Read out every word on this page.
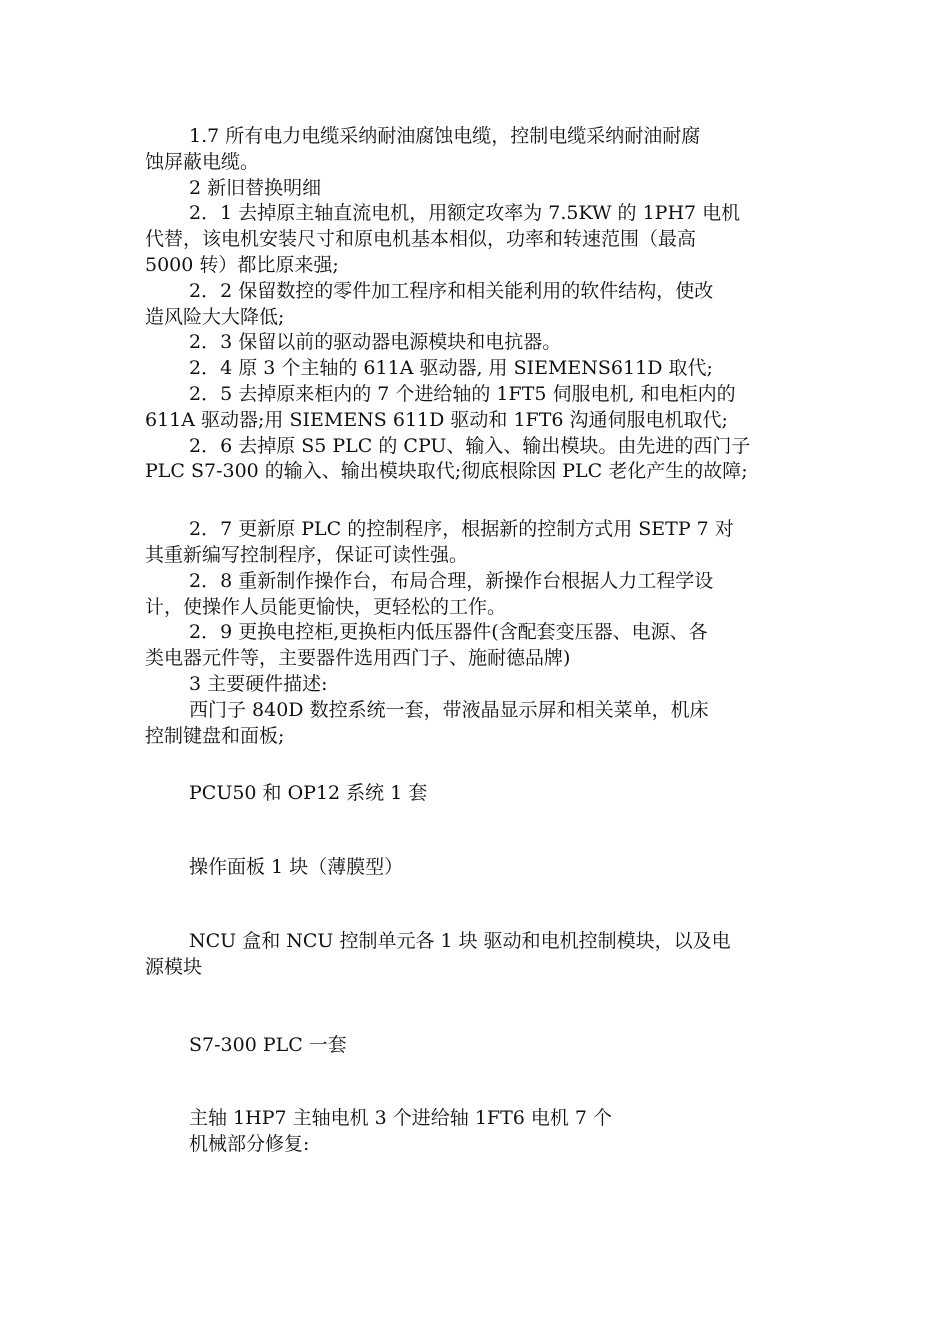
1.7 所有电力电缆采纳耐油腐蚀电缆，控制电缆采纳耐油耐腐
蚀屏蔽电缆。
2 新旧替换明细
2．1 去掉原主轴直流电机，用额定攻率为 7.5KW 的 1PH7 电机
代替，该电机安装尺寸和原电机基本相似，功率和转速范围（最高
5000 转）都比原来强;
2．2 保留数控的零件加工程序和相关能利用的软件结构，使改
造风险大大降低;
2．3 保留以前的驱动器电源模块和电抗器。
2．4 原 3 个主轴的 611A 驱动器, 用 SIEMENS611D 取代;
2．5 去掉原来柜内的 7 个进给轴的 1FT5 伺服电机, 和电柜内的
611A 驱动器;用 SIEMENS 611D 驱动和 1FT6 沟通伺服电机取代;
2．6 去掉原 S5 PLC 的 CPU、输入、输出模块。由先进的西门子
PLC S7-300 的输入、输出模块取代;彻底根除因 PLC 老化产生的故障;
2．7 更新原 PLC 的控制程序，根据新的控制方式用 SETP 7 对
其重新编写控制程序，保证可读性强。
2．8 重新制作操作台，布局合理，新操作台根据人力工程学设
计，使操作人员能更愉快，更轻松的工作。
2．9 更换电控柜,更换柜内低压器件(含配套变压器、电源、各
类电器元件等，主要器件选用西门子、施耐德品牌)
3 主要硬件描述:
西门子 840D 数控系统一套，带液晶显示屏和相关菜单，机床
控制键盘和面板;
PCU50 和 OP12 系统 1 套
操作面板 1 块（薄膜型）
NCU 盒和 NCU 控制单元各 1 块 驱动和电机控制模块，以及电
源模块
S7-300 PLC 一套
主轴 1HP7 主轴电机 3 个进给轴 1FT6 电机 7 个
机械部分修复:
